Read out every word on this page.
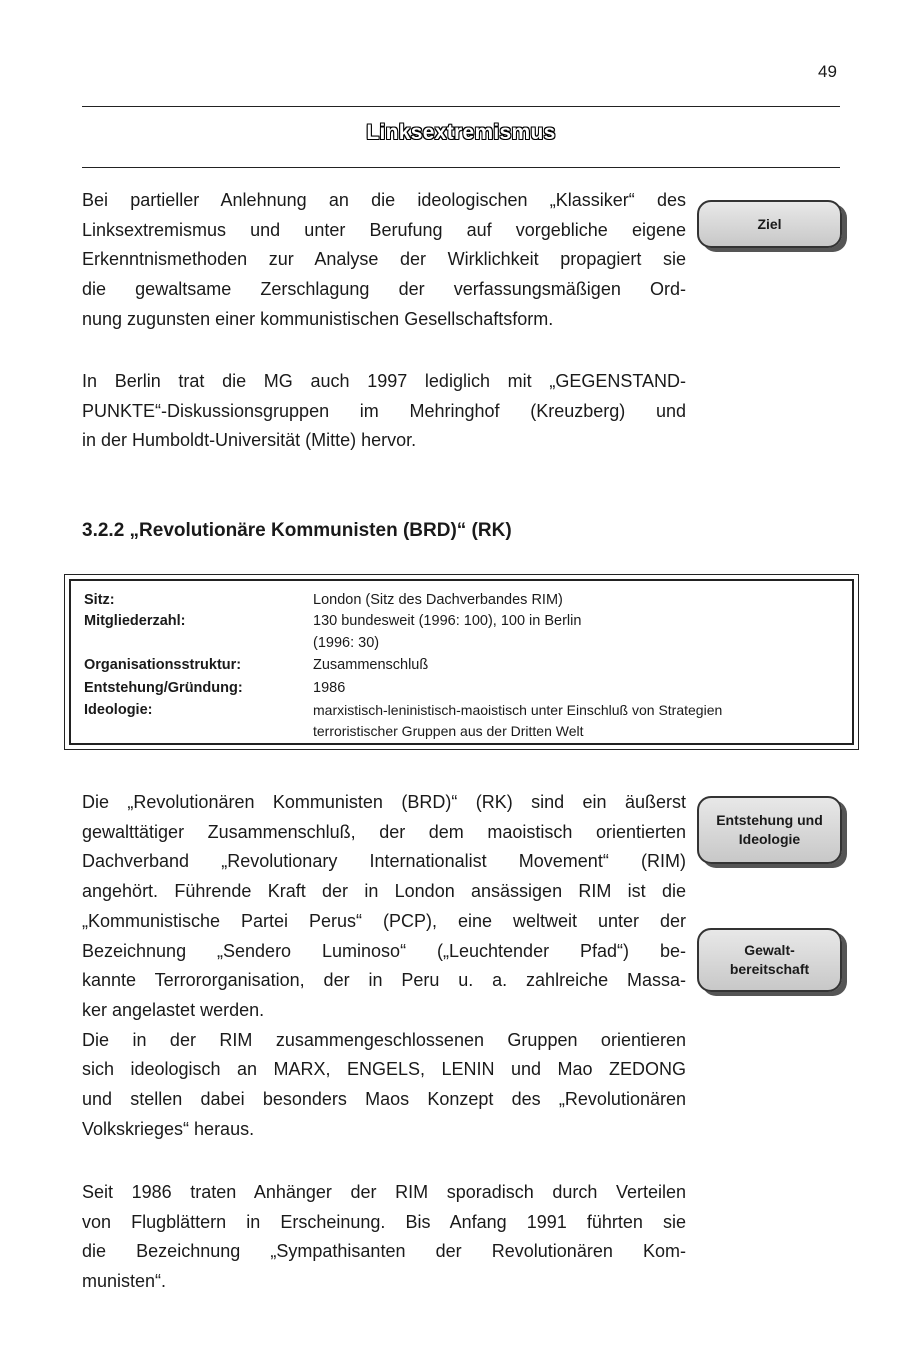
49
Linksextremismus
Bei partieller Anlehnung an die ideologischen „Klassiker“ des
Linksextremismus und unter Berufung auf vorgebliche eigene
Erkenntnismethoden zur Analyse der Wirklichkeit propagiert sie
die gewaltsame Zerschlagung der verfassungsmäßigen Ord-
nung zugunsten einer kommunistischen Gesellschaftsform.
Ziel
In Berlin trat die MG auch 1997 lediglich mit „GEGENSTAND-
PUNKTE“-Diskussionsgruppen im Mehringhof (Kreuzberg) und
in der Humboldt-Universität (Mitte) hervor.
3.2.2 „Revolutionäre Kommunisten (BRD)“ (RK)
Sitz:
Mitgliederzahl:
Organisationsstruktur:
Entstehung/Gründung:
Ideologie:
London (Sitz des Dachverbandes RIM)
130 bundesweit (1996: 100), 100 in Berlin
(1996: 30)
Zusammenschluß
1986
marxistisch-leninistisch-maoistisch unter Einschluß von Strategien
terroristischer Gruppen aus der Dritten Welt
Die „Revolutionären Kommunisten (BRD)“ (RK) sind ein äußerst
gewalttätiger Zusammenschluß, der dem maoistisch orientierten
Dachverband „Revolutionary Internationalist Movement“ (RIM)
angehört. Führende Kraft der in London ansässigen RIM ist die
„Kommunistische Partei Perus“ (PCP), eine weltweit unter der
Bezeichnung „Sendero Luminoso“ („Leuchtender Pfad“) be-
kannte Terrororganisation, der in Peru u. a. zahlreiche Massa-
ker angelastet werden.
Die in der RIM zusammengeschlossenen Gruppen orientieren
sich ideologisch an MARX, ENGELS, LENIN und Mao ZEDONG
und stellen dabei besonders Maos Konzept des „Revolutionären
Volkskrieges“ heraus.
Entstehung und
Ideologie
Gewalt-
bereitschaft
Seit 1986 traten Anhänger der RIM sporadisch durch Verteilen
von Flugblättern in Erscheinung. Bis Anfang 1991 führten sie
die Bezeichnung „Sympathisanten der Revolutionären Kom-
munisten“.
